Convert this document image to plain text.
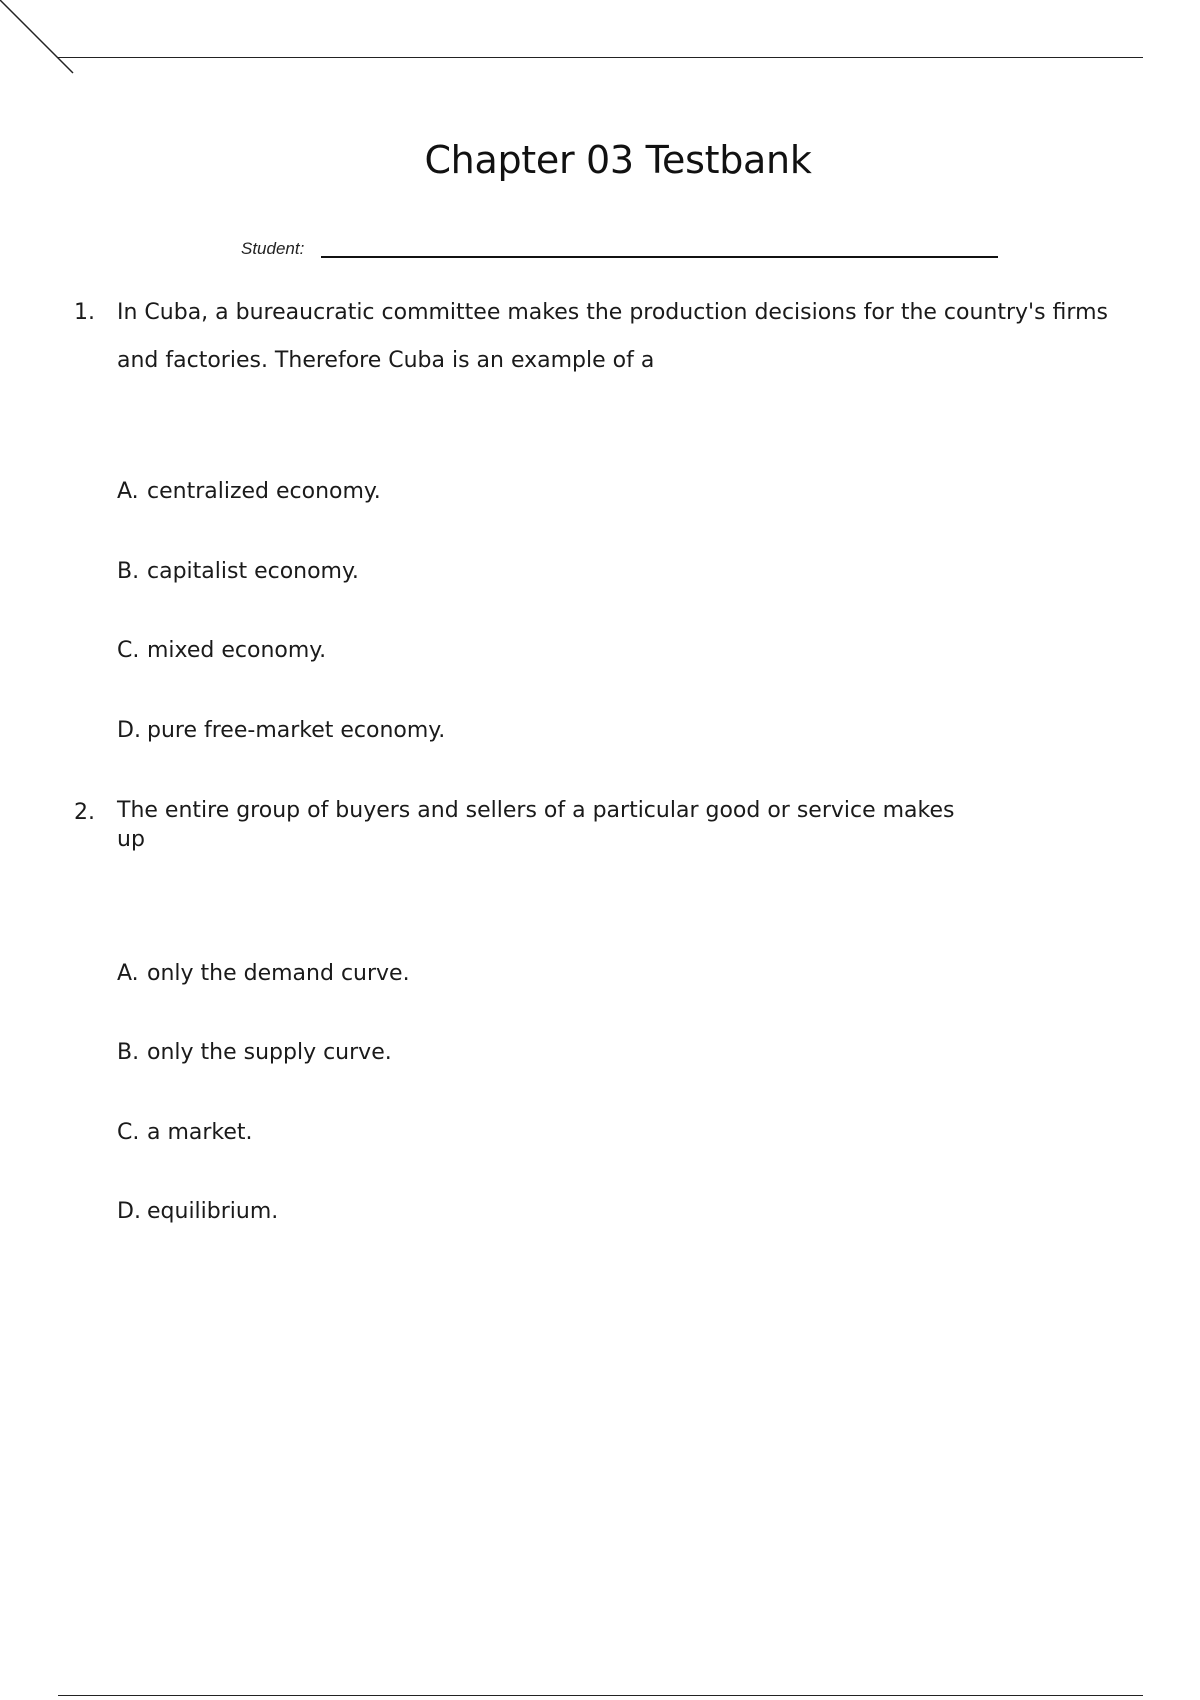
Chapter 03 Testbank
Student:
1. In Cuba, a bureaucratic committee makes the production decisions for the country's firms and factories. Therefore Cuba is an example of a
A. centralized economy.
B. capitalist economy.
C. mixed economy.
D. pure free-market economy.
2. The entire group of buyers and sellers of a particular good or service makes up
A. only the demand curve.
B. only the supply curve.
C. a market.
D. equilibrium.
